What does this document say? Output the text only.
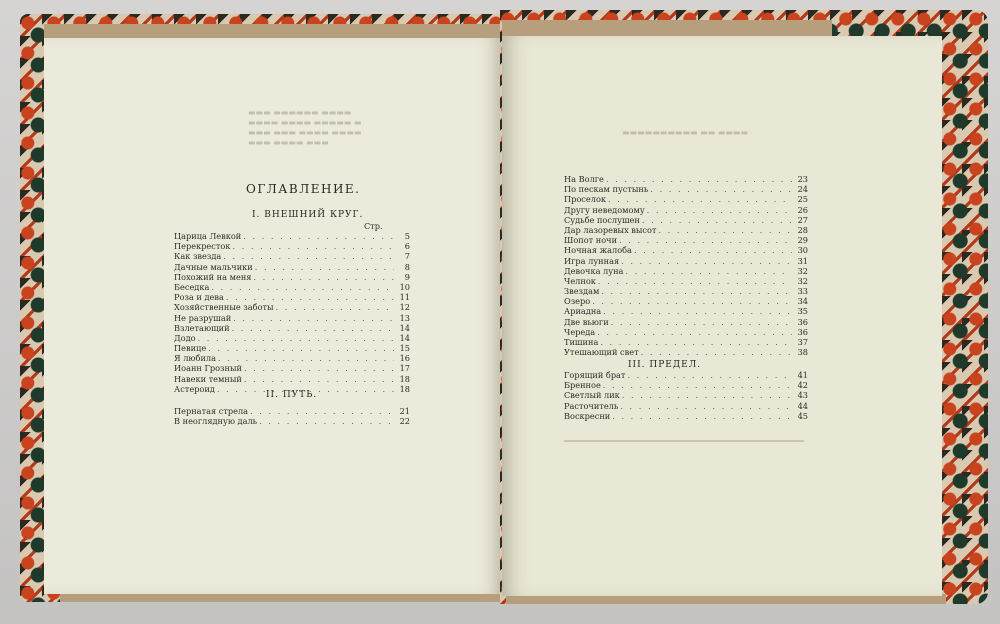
▬▬▬ ▬▬▬▬▬▬ ▬▬▬▬
▬▬▬▬ ▬▬▬▬ ▬▬▬▬▬ ▬
▬▬▬ ▬▬▬ ▬▬▬▬ ▬▬▬▬
▬▬▬ ▬▬▬▬ ▬▬▬
ОГЛАВЛЕНИЕ.
I. ВНЕШНИЙ КРУГ.
Стр.
Царица Левкой . . .	5
Перекресток . . .	6
Как звезда . . .	7
Дачныe мальчики . . .	8
Похожий на меня . . .	9
Беседка . . .	10
Роза и дева . . .	11
Хозяйственные заботы . . .	12
Не разрушай . . .	13
Взлетающий . . .	14
Додо . . .	14
Певице . . .	15
Я любила . . .	16
Иоанн Грозный . . .	17
Навеки темный . . .	18
Астероид . . .	18
II. ПУТЬ.
Пернатая стрела . . .	21
В неоглядную даль . . .	22
▬▬▬▬▬▬▬▬▬▬ ▬▬ ▬▬▬▬
На Волге . . .	23
По пескам пустынь . . .	24
Проселок . . .	25
Другу неведомому . . .	26
Судьбе послушен . . .	27
Дар лазоревых высот . . .	28
Шопот ночи . . .	29
Ночная жалоба . . .	30
Игра лунная . . .	31
Девочка луна . . .	32
Челнок . . .	32
Звездам . . .	33
Озеро . . .	34
Ариадна . . .	35
Две вьюги . . .	36
Череда . . .	36
Тишина . . .	37
Утешающий свет . . .	38
III. ПРЕДЕЛ.
Горящий брат . . .	41
Бренное . . .	42
Светлый лик . . .	43
Расточитель . . .	44
Воскресни . . .	45
